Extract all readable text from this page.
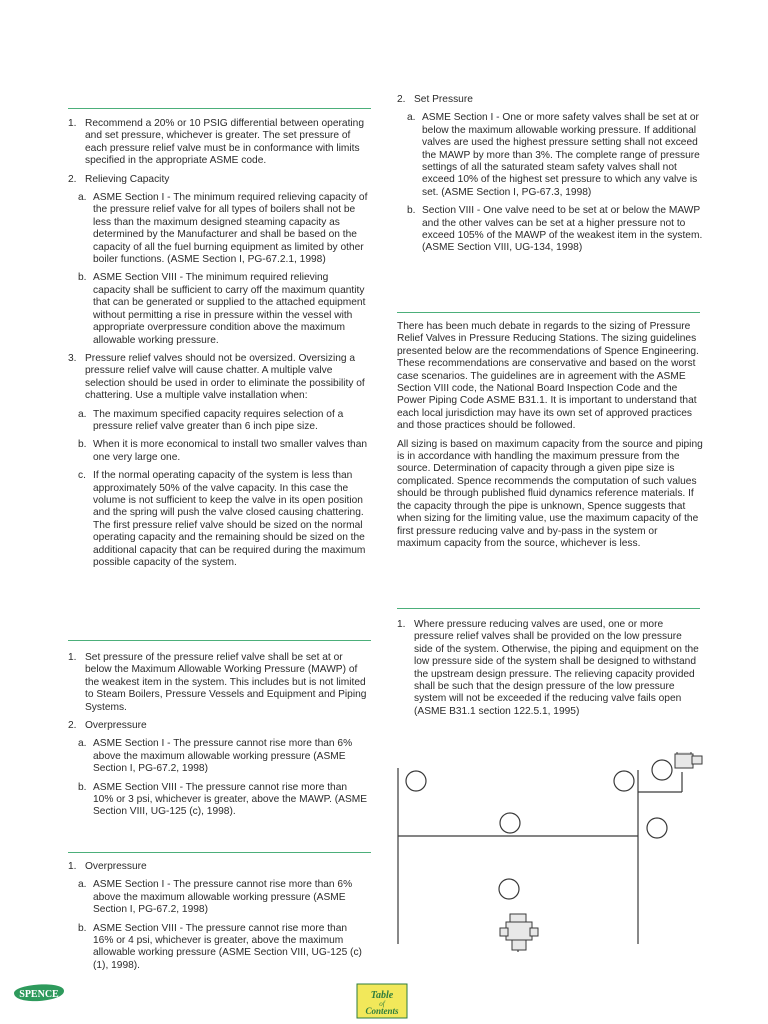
1. Recommend a 20% or 10 PSIG differential between operating and set pressure, whichever is greater. The set pressure of each pressure relief valve must be in conformance with limits specified in the appropriate ASME code.
2. Relieving Capacity
a. ASME Section I - The minimum required relieving capacity of the pressure relief valve for all types of boilers shall not be less than the maximum designed steaming capacity as determined by the Manufacturer and shall be based on the capacity of all the fuel burning equipment as limited by other boiler functions. (ASME Section I, PG-67.2.1, 1998)
b. ASME Section VIII - The minimum required relieving capacity shall be sufficient to carry off the maximum quantity that can be generated or supplied to the attached equipment without permitting a rise in pressure within the vessel with appropriate overpressure condition above the maximum allowable working pressure.
3. Pressure relief valves should not be oversized. Oversizing a pressure relief valve will cause chatter. A multiple valve selection should be used in order to eliminate the possibility of chattering. Use a multiple valve installation when:
a. The maximum specified capacity requires selection of a pressure relief valve greater than 6 inch pipe size.
b. When it is more economical to install two smaller valves than one very large one.
c. If the normal operating capacity of the system is less than approximately 50% of the valve capacity. In this case the volume is not sufficient to keep the valve in its open position and the spring will push the valve closed causing chattering. The first pressure relief valve should be sized on the normal operating capacity and the remaining should be sized on the additional capacity that can be required during the maximum possible capacity of the system.
1. Set pressure of the pressure relief valve shall be set at or below the Maximum Allowable Working Pressure (MAWP) of the weakest item in the system. This includes but is not limited to Steam Boilers, Pressure Vessels and Equipment and Piping Systems.
2. Overpressure
a. ASME Section I - The pressure cannot rise more than 6% above the maximum allowable working pressure (ASME Section I, PG-67.2, 1998)
b. ASME Section VIII - The pressure cannot rise more than 10% or 3 psi, whichever is greater, above the MAWP. (ASME Section VIII, UG-125 (c), 1998).
1. Overpressure
a. ASME Section I - The pressure cannot rise more than 6% above the maximum allowable working pressure (ASME Section I, PG-67.2, 1998)
b. ASME Section VIII - The pressure cannot rise more than 16% or 4 psi, whichever is greater, above the maximum allowable working pressure (ASME Section VIII, UG-125 (c)(1), 1998).
2. Set Pressure
a. ASME Section I - One or more safety valves shall be set at or below the maximum allowable working pressure. If additional valves are used the highest pressure setting shall not exceed the MAWP by more than 3%. The complete range of pressure settings of all the saturated steam safety valves shall not exceed 10% of the highest set pressure to which any valve is set. (ASME Section I, PG-67.3, 1998)
b. Section VIII - One valve need to be set at or below the MAWP and the other valves can be set at a higher pressure not to exceed 105% of the MAWP of the weakest item in the system. (ASME Section VIII, UG-134, 1998)

There has been much debate in regards to the sizing of Pressure Relief Valves in Pressure Reducing Stations. The sizing guidelines presented below are the recommendations of Spence Engineering. These recommendations are conservative and based on the worst case scenarios. The guidelines are in agreement with the ASME Section VIII code, the National Board Inspection Code and the Power Piping Code ASME B31.1. It is important to understand that each local jurisdiction may have its own set of approved practices and those practices should be followed.

All sizing is based on maximum capacity from the source and piping is in accordance with handling the maximum pressure from the source. Determination of capacity through a given pipe size is complicated. Spence recommends the computation of such values should be through published fluid dynamics reference materials. If the capacity through the pipe is unknown, Spence suggests that when sizing for the limiting value, use the maximum capacity of the first pressure reducing valve and by-pass in the system or maximum capacity from the source, whichever is less.

1. Where pressure reducing valves are used, one or more pressure relief valves shall be provided on the low pressure side of the system. Otherwise, the piping and equipment on the low pressure side of the system shall be designed to withstand the upstream design pressure. The relieving capacity provided shall be such that the design pressure of the low pressure system will not be exceeded if the reducing valve fails open (ASME B31.1 section 122.5.1, 1995)
SPENCE	Table
of
Contents
